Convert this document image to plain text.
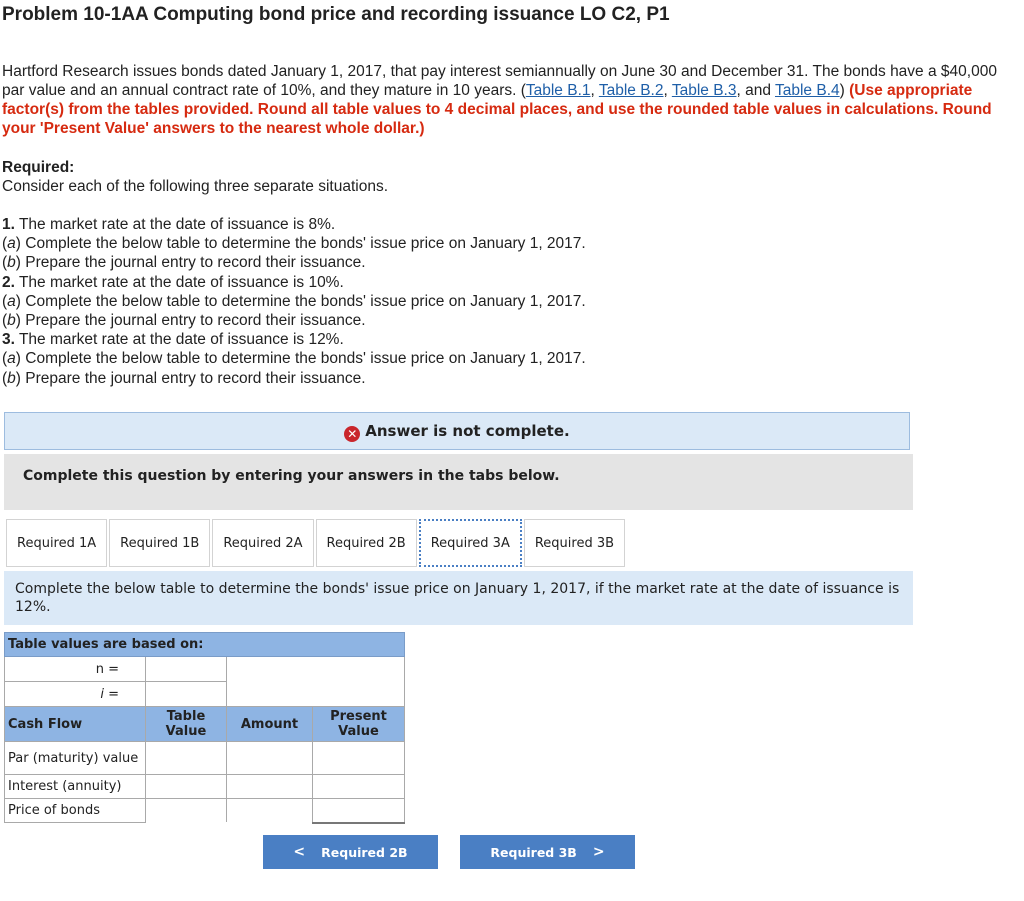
Problem 10-1AA Computing bond price and recording issuance LO C2, P1
Hartford Research issues bonds dated January 1, 2017, that pay interest semiannually on June 30 and December 31. The bonds have a $40,000 par value and an annual contract rate of 10%, and they mature in 10 years. (Table B.1, Table B.2, Table B.3, and Table B.4) (Use appropriate factor(s) from the tables provided. Round all table values to 4 decimal places, and use the rounded table values in calculations. Round your 'Present Value' answers to the nearest whole dollar.)
Required:
Consider each of the following three separate situations.
1. The market rate at the date of issuance is 8%.
(a) Complete the below table to determine the bonds' issue price on January 1, 2017.
(b) Prepare the journal entry to record their issuance.
2. The market rate at the date of issuance is 10%.
(a) Complete the below table to determine the bonds' issue price on January 1, 2017.
(b) Prepare the journal entry to record their issuance.
3. The market rate at the date of issuance is 12%.
(a) Complete the below table to determine the bonds' issue price on January 1, 2017.
(b) Prepare the journal entry to record their issuance.
✕ Answer is not complete.
Complete this question by entering your answers in the tabs below.
Required 1A	Required 1B	Required 2A	Required 2B	Required 3A	Required 3B
Complete the below table to determine the bonds' issue price on January 1, 2017, if the market rate at the date of issuance is 12%.
Table values are based on:			
n =			
i =			
Cash Flow	Table Value	Amount	Present Value
Par (maturity) value			
Interest (annuity)			
Price of bonds			
< Required 2B	Required 3B >
